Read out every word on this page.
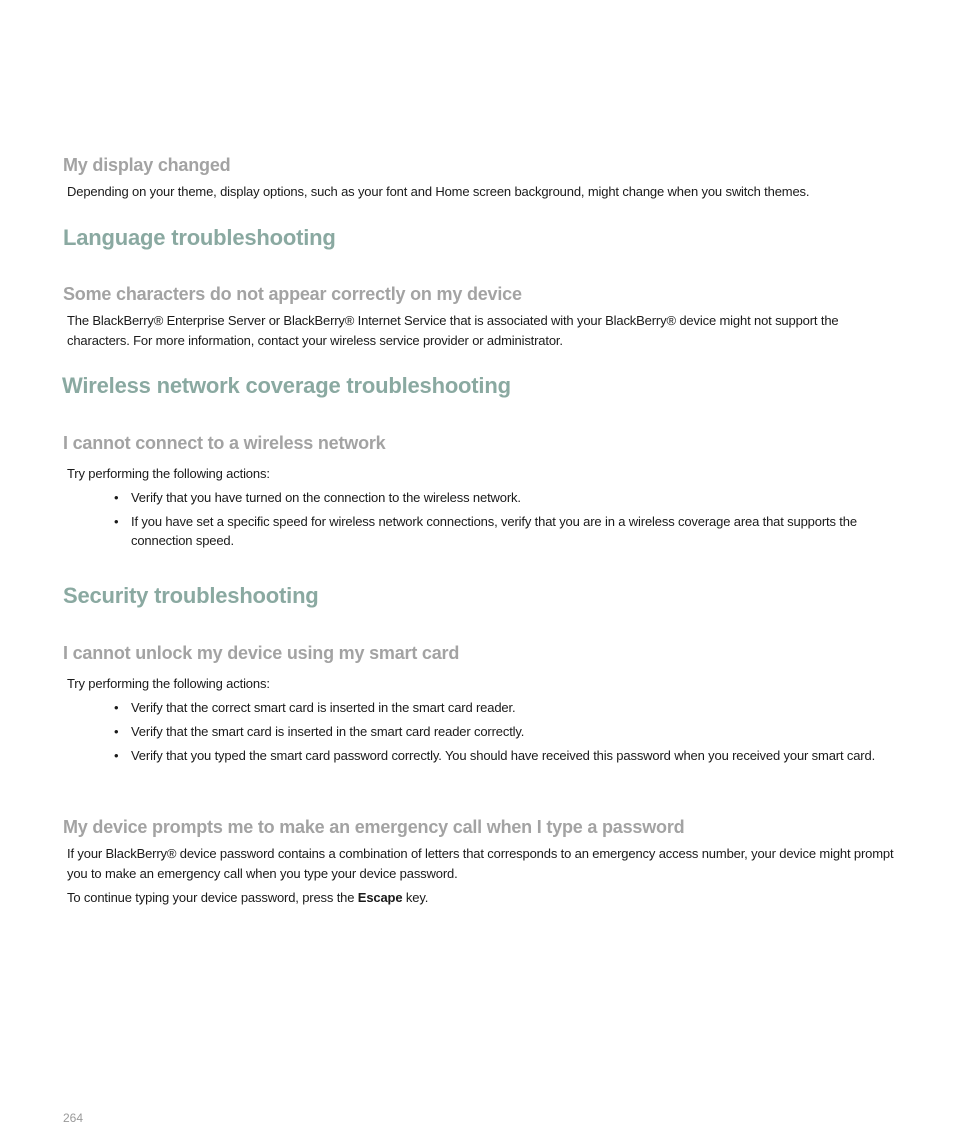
My display changed

Depending on your theme, display options, such as your font and Home screen background, might change when you switch themes.

Language troubleshooting
Some characters do not appear correctly on my device

The BlackBerry® Enterprise Server or BlackBerry® Internet Service that is associated with your BlackBerry® device might not support the characters. For more information, contact your wireless service provider or administrator.

Wireless network coverage troubleshooting
I cannot connect to a wireless network

Try performing the following actions:

• Verify that you have turned on the connection to the wireless network.
• If you have set a specific speed for wireless network connections, verify that you are in a wireless coverage area that supports the connection speed.
Security troubleshooting
I cannot unlock my device using my smart card

Try performing the following actions:

• Verify that the correct smart card is inserted in the smart card reader.
• Verify that the smart card is inserted in the smart card reader correctly.
• Verify that you typed the smart card password correctly. You should have received this password when you received your smart card.
My device prompts me to make an emergency call when I type a password

If your BlackBerry® device password contains a combination of letters that corresponds to an emergency access number, your device might prompt you to make an emergency call when you type your device password.

To continue typing your device password, press the Escape key.

264
